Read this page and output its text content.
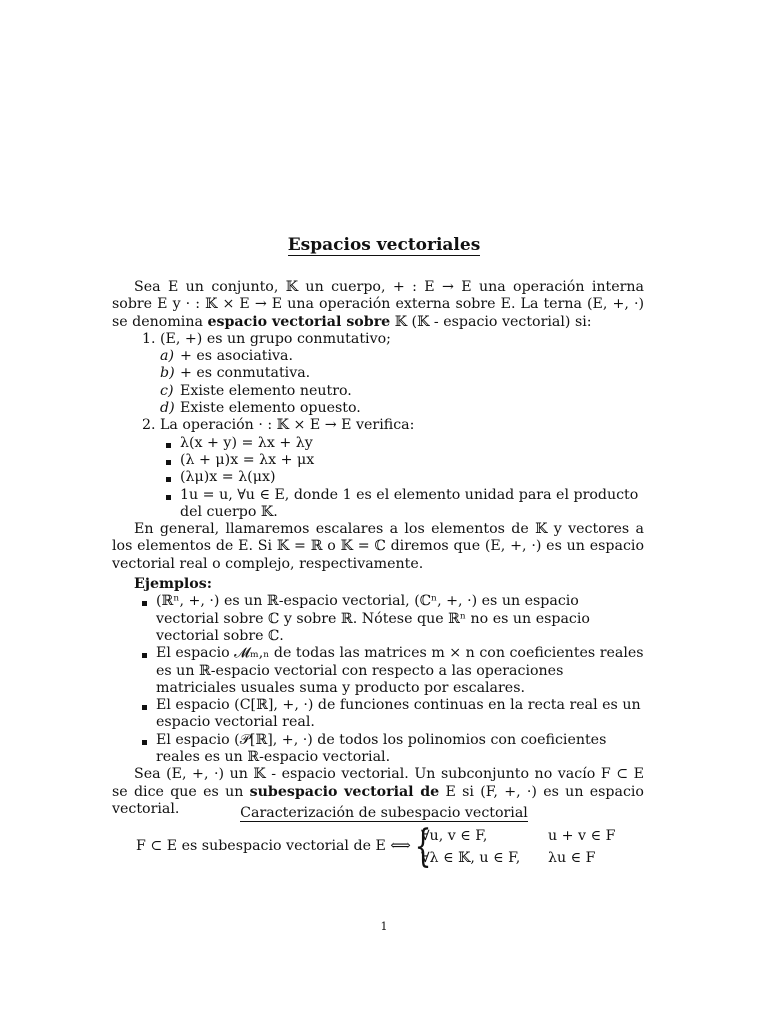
Espacios vectoriales

Sea E un conjunto, 𝕂 un cuerpo, + : E → E una operación interna sobre E y · : 𝕂 × E → E una operación externa sobre E. La terna (E, +, ·) se denomina espacio vectorial sobre 𝕂 (𝕂 - espacio vectorial) si:

1. (E, +) es un grupo conmutativo;
a) + es asociativa.
b) + es conmutativa.
c) Existe elemento neutro.
d) Existe elemento opuesto.
2. La operación · : 𝕂 × E → E verifica:
λ(x + y) = λx + λy
(λ + μ)x = λx + μx
(λμ)x = λ(μx)
1u = u, ∀u ∈ E, donde 1 es el elemento unidad para el producto del cuerpo 𝕂.

En general, llamaremos escalares a los elementos de 𝕂 y vectores a los elementos de E. Si 𝕂 = ℝ o 𝕂 = ℂ diremos que (E, +, ·) es un espacio vectorial real o complejo, respectivamente.

Ejemplos:
(ℝⁿ, +, ·) es un ℝ-espacio vectorial, (ℂⁿ, +, ·) es un espacio vectorial sobre ℂ y sobre ℝ. Nótese que ℝⁿ no es un espacio vectorial sobre ℂ.
El espacio 𝓜ₘ,ₙ de todas las matrices m × n con coeficientes reales es un ℝ-espacio vectorial con respecto a las operaciones matriciales usuales suma y producto por escalares.
El espacio (C[ℝ], +, ·) de funciones continuas en la recta real es un espacio vectorial real.
El espacio (𝒫[ℝ], +, ·) de todos los polinomios con coeficientes reales es un ℝ-espacio vectorial.

Sea (E, +, ·) un 𝕂 - espacio vectorial. Un subconjunto no vacío F ⊂ E se dice que es un subespacio vectorial de E si (F, +, ·) es un espacio vectorial.	Caracterización de subespacio vectorial
F ⊂ E es subespacio vectorial de E ⟺ {
∀u, v ∈ F,	u + v ∈ F
∀λ ∈ 𝕂, u ∈ F, λu ∈ F
1
